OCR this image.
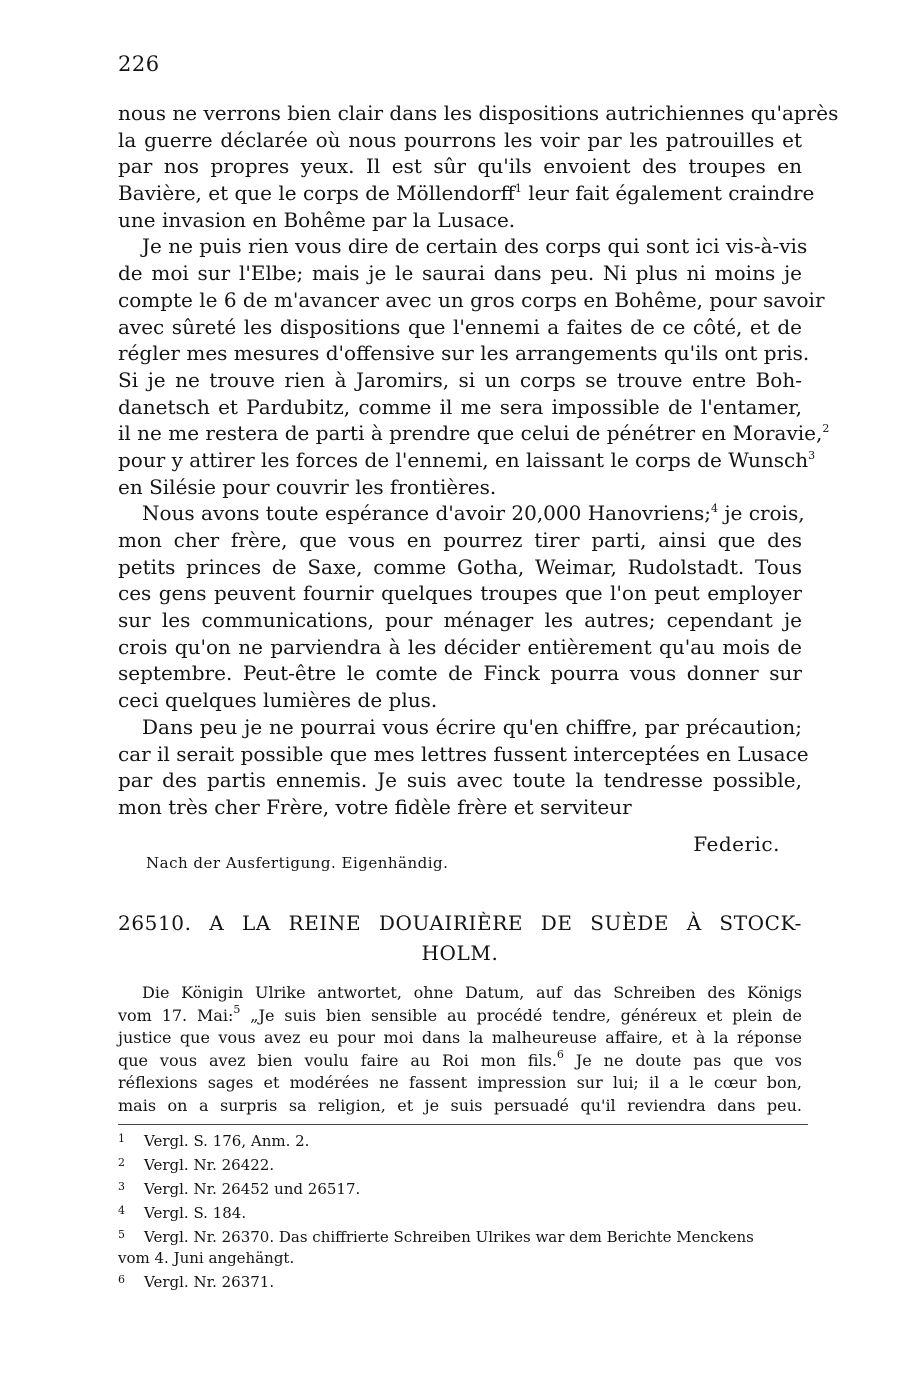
226
nous ne verrons bien clair dans les dispositions autrichiennes qu'après
la guerre déclarée où nous pourrons les voir par les patrouilles et
par nos propres yeux. Il est sûr qu'ils envoient des troupes en
Bavière, et que le corps de Möllendorff$^1$ leur fait également craindre
une invasion en Bohême par la Lusace.
Je ne puis rien vous dire de certain des corps qui sont ici vis-à-vis
de moi sur l'Elbe; mais je le saurai dans peu. Ni plus ni moins je
compte le 6 de m'avancer avec un gros corps en Bohême, pour savoir
avec sûreté les dispositions que l'ennemi a faites de ce côté, et de
régler mes mesures d'offensive sur les arrangements qu'ils ont pris.
Si je ne trouve rien à Jaromirs, si un corps se trouve entre Boh-
danetsch et Pardubitz, comme il me sera impossible de l'entamer,
il ne me restera de parti à prendre que celui de pénétrer en Moravie,$^2$
pour y attirer les forces de l'ennemi, en laissant le corps de Wunsch$^3$
en Silésie pour couvrir les frontières.
Nous avons toute espérance d'avoir 20,000 Hanovriens;$^4$ je crois,
mon cher frère, que vous en pourrez tirer parti, ainsi que des
petits princes de Saxe, comme Gotha, Weimar, Rudolstadt. Tous
ces gens peuvent fournir quelques troupes que l'on peut employer
sur les communications, pour ménager les autres; cependant je
crois qu'on ne parviendra à les décider entièrement qu'au mois de
septembre. Peut-être le comte de Finck pourra vous donner sur
ceci quelques lumières de plus.
Dans peu je ne pourrai vous écrire qu'en chiffre, par précaution;
car il serait possible que mes lettres fussent interceptées en Lusace
par des partis ennemis. Je suis avec toute la tendresse possible,
mon très cher Frère, votre fidèle frère et serviteur
Federic.
Nach der Ausfertigung. Eigenhändig.
26510. A LA REINE DOUAIRIÈRE DE SUÈDE À STOCK-
HOLM.
Die Königin Ulrike antwortet, ohne Datum, auf das Schreiben des Königs
vom 17. Mai:$^5$ „Je suis bien sensible au procédé tendre, généreux et plein de
justice que vous avez eu pour moi dans la malheureuse affaire, et à la réponse
que vous avez bien voulu faire au Roi mon fils.$^6$ Je ne doute pas que vos
réflexions sages et modérées ne fassent impression sur lui; il a le cœur bon,
mais on a surpris sa religion, et je suis persuadé qu'il reviendra dans peu.
1 Vergl. S. 176, Anm. 2.
2 Vergl. Nr. 26422.
3 Vergl. Nr. 26452 und 26517.
4 Vergl. S. 184.
5 Vergl. Nr. 26370. Das chiffrierte Schreiben Ulrikes war dem Berichte Menckens
vom 4. Juni angehängt.
6 Vergl. Nr. 26371.
